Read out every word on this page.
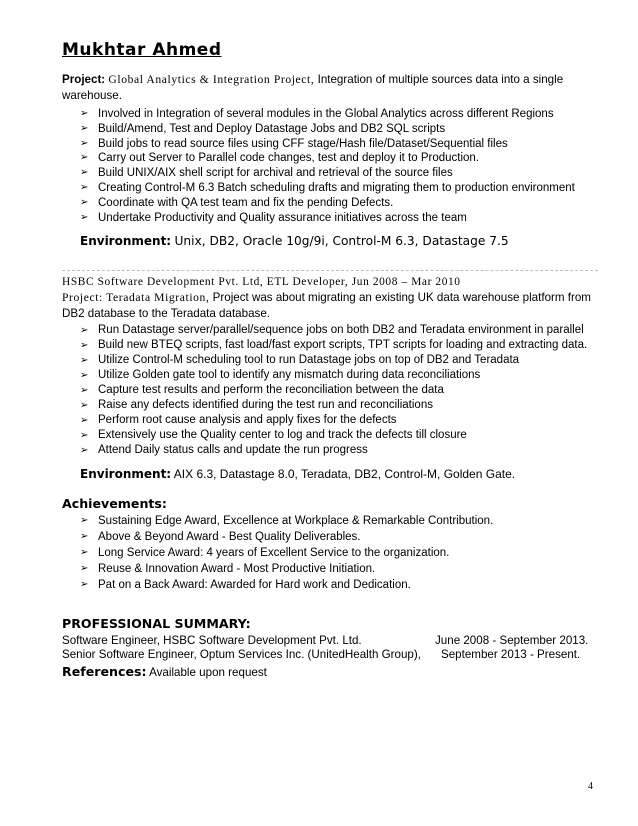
Mukhtar Ahmed
Project: Global Analytics & Integration Project, Integration of multiple sources data into a single warehouse.
➢ Involved in Integration of several modules in the Global Analytics across different Regions
➢ Build/Amend, Test and Deploy Datastage Jobs and DB2 SQL scripts
➢ Build jobs to read source files using CFF stage/Hash file/Dataset/Sequential files
➢ Carry out Server to Parallel code changes, test and deploy it to Production.
➢ Build UNIX/AIX shell script for archival and retrieval of the source files
➢ Creating Control-M 6.3 Batch scheduling drafts and migrating them to production environment
➢ Coordinate with QA test team and fix the pending Defects.
➢ Undertake Productivity and Quality assurance initiatives across the team
Environment: Unix, DB2, Oracle 10g/9i, Control-M 6.3, Datastage 7.5
HSBC Software Development Pvt. Ltd, ETL Developer, Jun 2008 – Mar 2010
Project: Teradata Migration, Project was about migrating an existing UK data warehouse platform from DB2 database to the Teradata database.
➢ Run Datastage server/parallel/sequence jobs on both DB2 and Teradata environment in parallel
➢ Build new BTEQ scripts, fast load/fast export scripts, TPT scripts for loading and extracting data.
➢ Utilize Control-M scheduling tool to run Datastage jobs on top of DB2 and Teradata
➢ Utilize Golden gate tool to identify any mismatch during data reconciliations
➢ Capture test results and perform the reconciliation between the data
➢ Raise any defects identified during the test run and reconciliations
➢ Perform root cause analysis and apply fixes for the defects
➢ Extensively use the Quality center to log and track the defects till closure
➢ Attend Daily status calls and update the run progress
Environment: AIX 6.3, Datastage 8.0, Teradata, DB2, Control-M, Golden Gate.
Achievements:
➢ Sustaining Edge Award, Excellence at Workplace & Remarkable Contribution.
➢ Above & Beyond Award - Best Quality Deliverables.
➢ Long Service Award: 4 years of Excellent Service to the organization.
➢ Reuse & Innovation Award - Most Productive Initiation.
➢ Pat on a Back Award: Awarded for Hard work and Dedication.
PROFESSIONAL SUMMARY:
Software Engineer, HSBC Software Development Pvt. Ltd.	June 2008 - September 2013.
Senior Software Engineer, Optum Services Inc. (UnitedHealth Group), September 2013 - Present.
References: Available upon request
4
